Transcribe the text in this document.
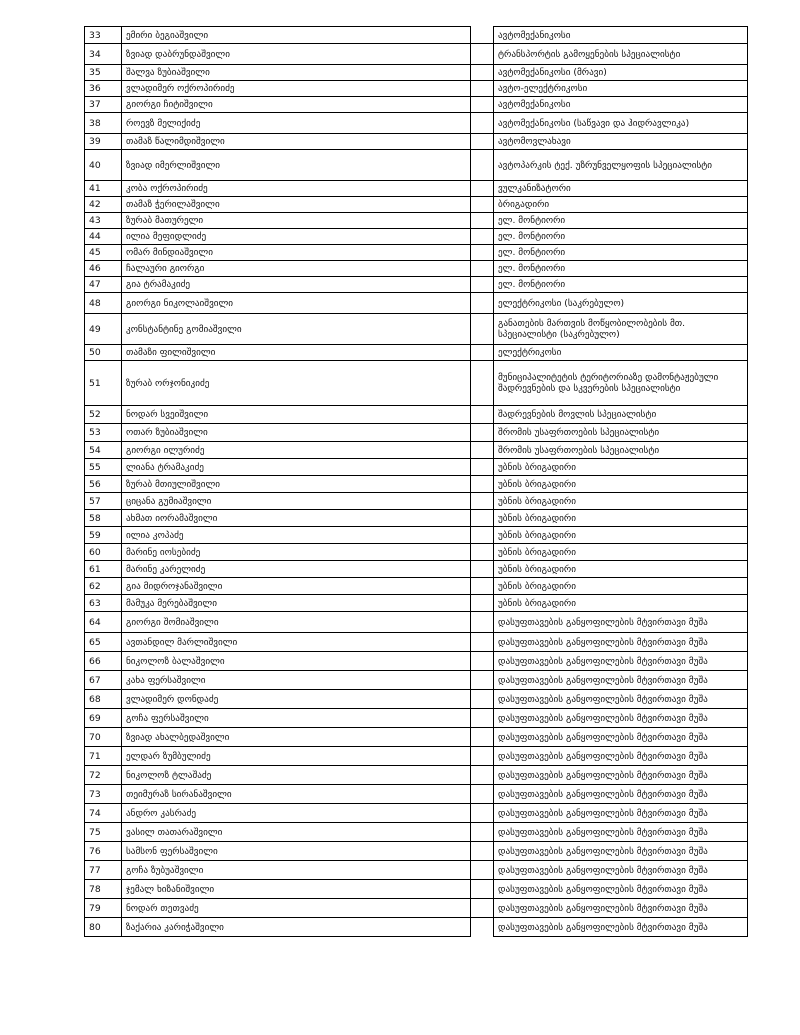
33	ემირი ბეგიაშვილი		ავტომექანიკოსი
34	ზვიად დაბრუნდაშვილი		ტრანსპორტის გამოყენების სპეციალისტი
35	შალვა ზუბიაშვილი		ავტომექანიკოსი (მრავი)
36	ვლადიმერ ოქროპირიძე		ავტო-ელექტრიკოსი
37	გიორგი ჩიტიშვილი		ავტომექანიკოსი
38	როევზ მელიქიძე		ავტომექანიკოსი (საწვავი და ჰიდრავლიკა)
39	თამაზ წალიმდიშვილი		ავტომოვლახავი
40	ზვიად იმერლიშვილი		ავტოპარკის ტექ. უზრუნველყოფის სპეციალისტი
41	კობა ოქროპირიძე		ვულკანიზატორი
42	თამაზ ჭერილაშვილი		ბრიგადირი
43	ზურაბ მათურელი		ელ. მონტიორი
44	ილია მეფიდლიძე		ელ. მონტიორი
45	ომარ მინდიაშვილი		ელ. მონტიორი
46	ჩალაური გიორგი		ელ. მონტიორი
47	გია ტრამაკიძე		ელ. მონტიორი
48	გიორგი ნიკოლაიშვილი		ელექტრიკოსი (საკრებულო)
49	კონსტანტინე გომიაშვილი		განათების მართვის მოწყობილობების მთ. სპეციალისტი (საკრებულო)
50	თამაზი ფილიშვილი		ელექტრიკოსი
51	ზურაბ ორჯონიკიძე		მუნიციპალიტეტის ტერიტორიაზე დამონტაჟებული შადრევნების და სკვერების სპეციალისტი
52	ნოდარ სვეიშვილი		შადრევნების მოვლის სპეციალისტი
53	ოთარ ზუბიაშვილი		შრომის უსაფრთოების სპეციალისტი
54	გიორგი ილურიძე		შრომის უსაფრთოების სპეციალისტი
55	ლიანა ტრამაკიძე		უბნის ბრიგადირი
56	ზურაბ მთიულიშვილი		უბნის ბრიგადირი
57	ციცანა გუმიაშვილი		უბნის ბრიგადირი
58	ახმათ იორამაშვილი		უბნის ბრიგადირი
59	ილია კოპაძე		უბნის ბრიგადირი
60	მარინე იოსებიძე		უბნის ბრიგადირი
61	მარინე კარელიძე		უბნის ბრიგადირი
62	გია მიდროჯანაშვილი		უბნის ბრიგადირი
63	მამუკა მერებაშვილი		უბნის ბრიგადირი
64	გიორგი შომიაშვილი		დასუფთავების განყოფილების მტვირთავი მუშა
65	ავთანდილ მარლიშვილი		დასუფთავების განყოფილების მტვირთავი მუშა
66	ნიკოლოზ ბალაშვილი		დასუფთავების განყოფილების მტვირთავი მუშა
67	კახა ფერსაშვილი		დასუფთავების განყოფილების მტვირთავი მუშა
68	ვლადიმერ დონდაძე		დასუფთავების განყოფილების მტვირთავი მუშა
69	გოჩა ფერსაშვილი		დასუფთავების განყოფილების მტვირთავი მუშა
70	ზვიად ახალბედაშვილი		დასუფთავების განყოფილების მტვირთავი მუშა
71	ელდარ ზუმბულიძე		დასუფთავების განყოფილების მტვირთავი მუშა
72	ნიკოლოზ ტლაშაძე		დასუფთავების განყოფილების მტვირთავი მუშა
73	თეიმურაზ სირანაშვილი		დასუფთავების განყოფილების მტვირთავი მუშა
74	ანდრო კასრაძე		დასუფთავების განყოფილების მტვირთავი მუშა
75	ვასილ თათარაშვილი		დასუფთავების განყოფილების მტვირთავი მუშა
76	სამსონ ფერსაშვილი		დასუფთავების განყოფილების მტვირთავი მუშა
77	გოჩა ზუბუაშვილი		დასუფთავების განყოფილების მტვირთავი მუშა
78	ჯემალ ხიზანიშვილი		დასუფთავების განყოფილების მტვირთავი მუშა
79	ნოდარ თეთვაძე		დასუფთავების განყოფილების მტვირთავი მუშა
80	ზაქარია კარიჭაშვილი		დასუფთავების განყოფილების მტვირთავი მუშა
